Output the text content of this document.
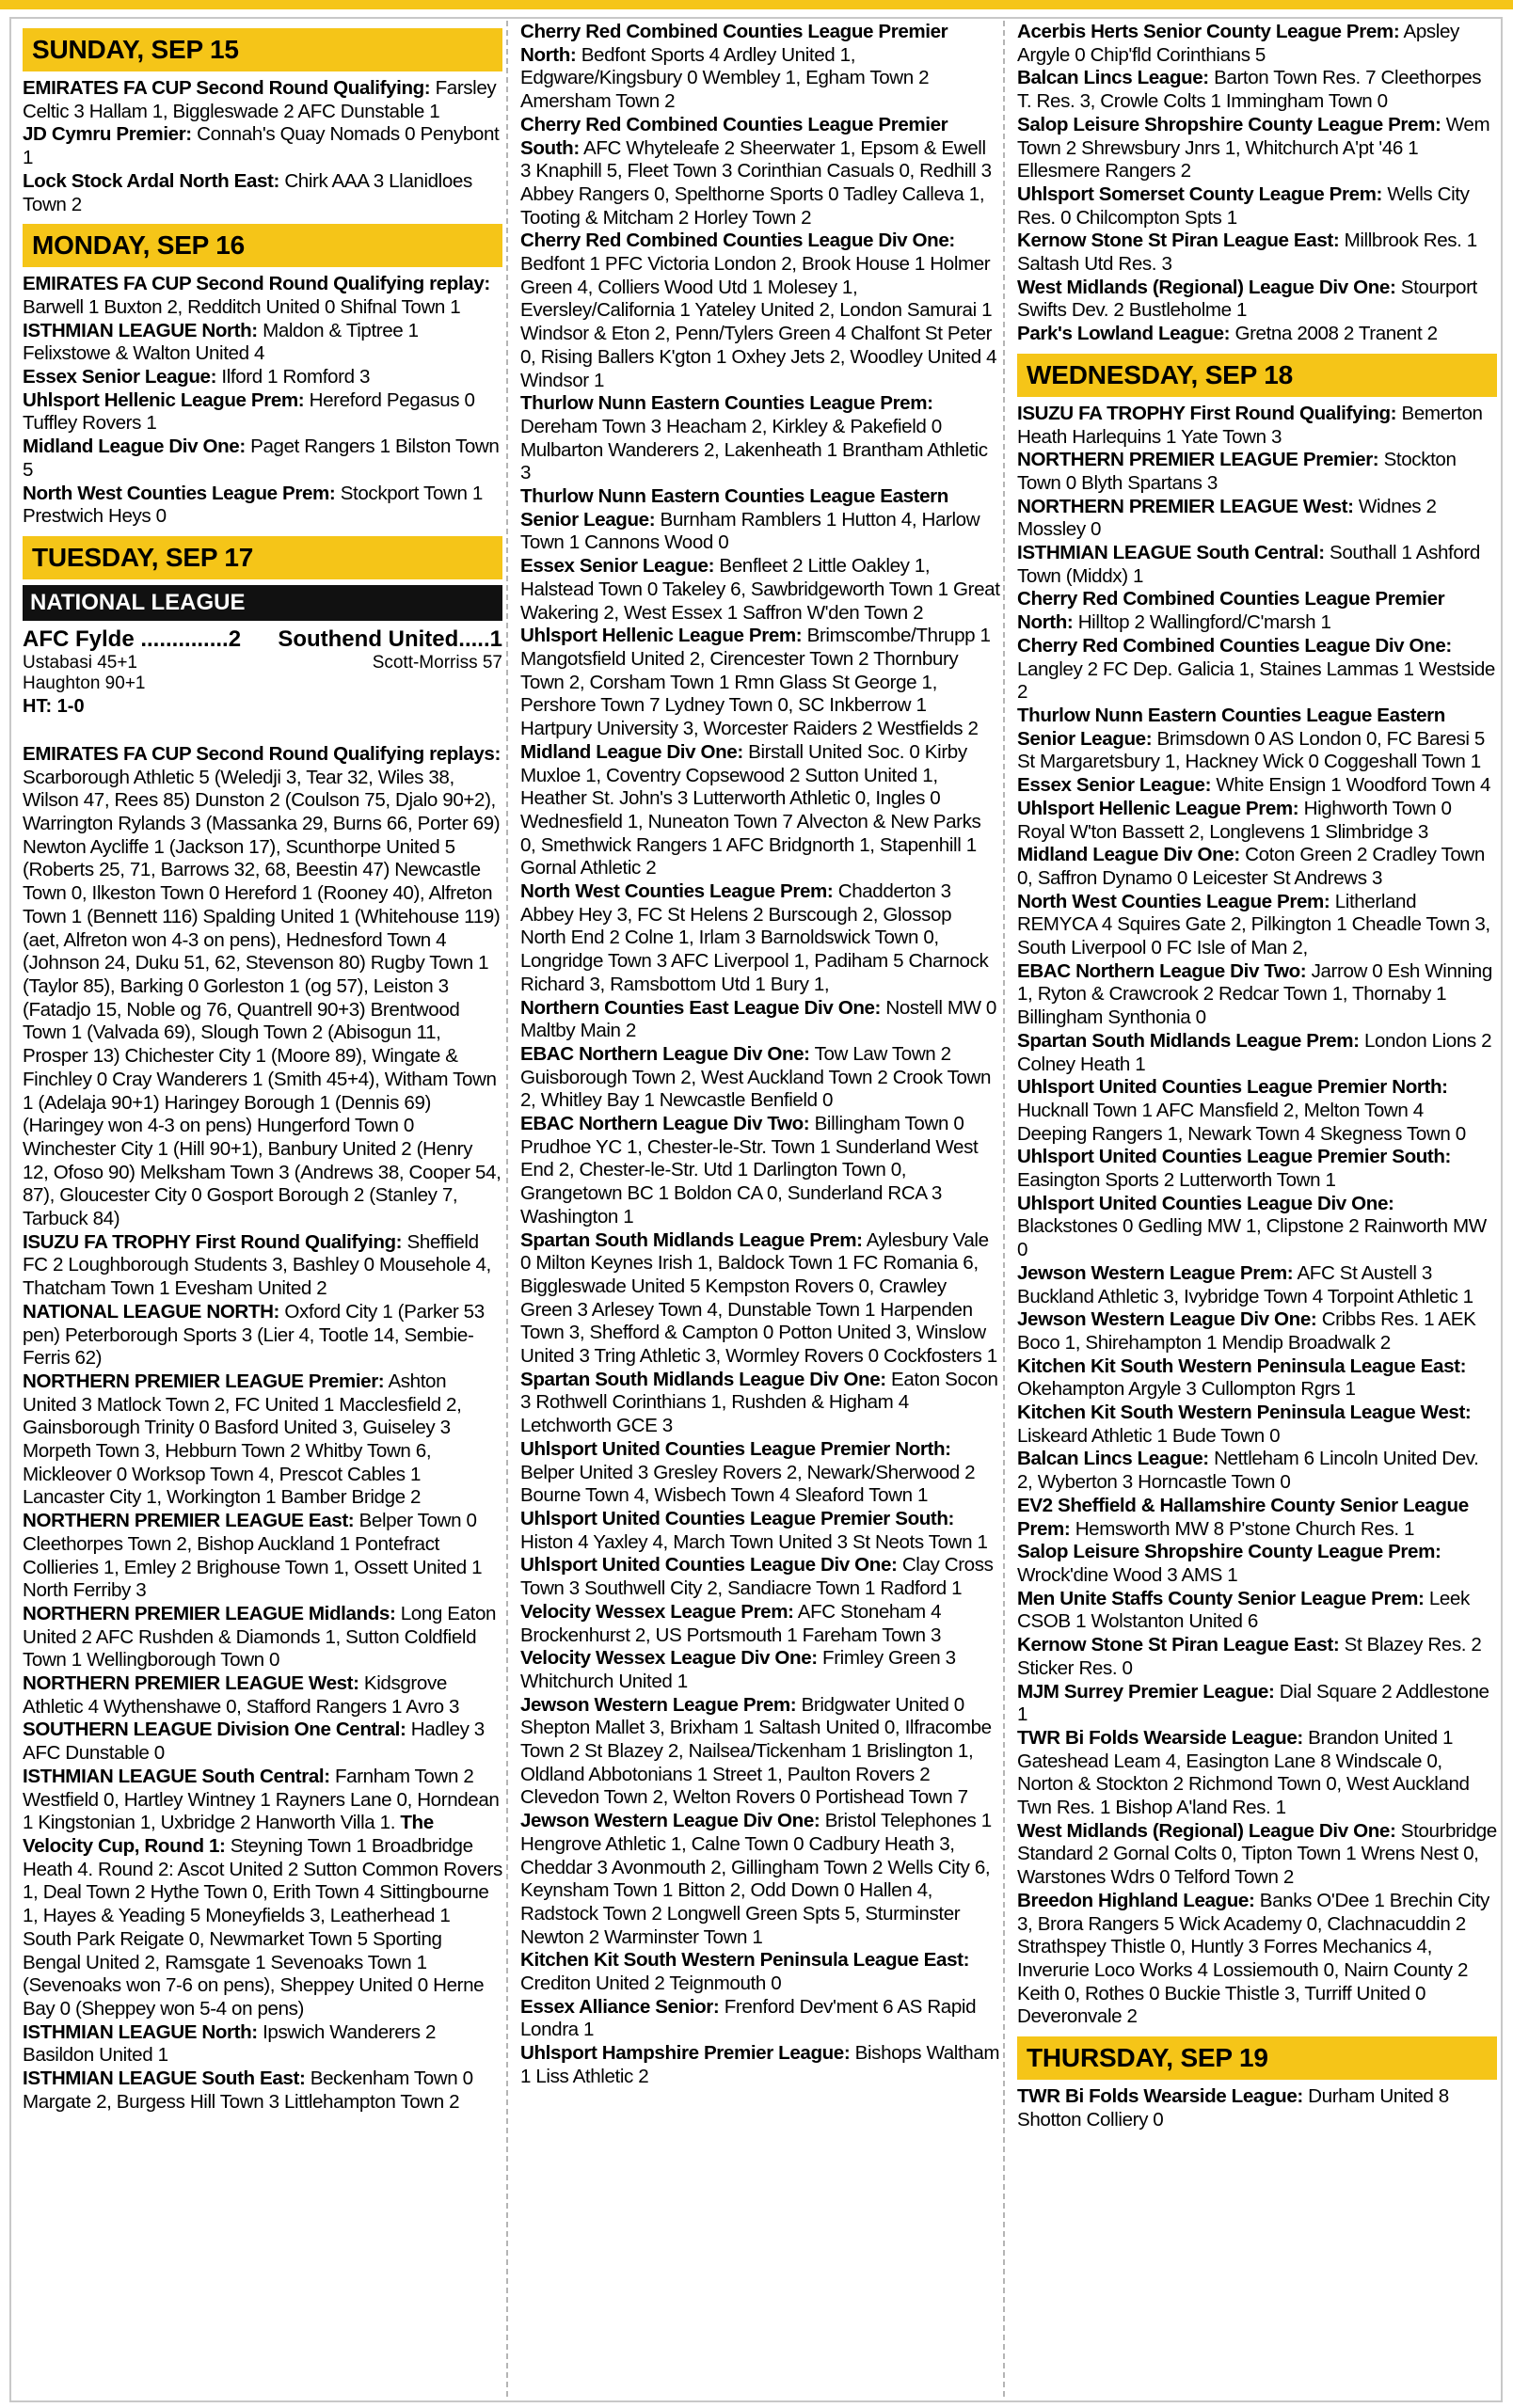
SUNDAY, SEP 15

EMIRATES FA CUP Second Round Qualifying: Farsley Celtic 3 Hallam 1, Biggleswade 2 AFC Dunstable 1

JD Cymru Premier: Connah's Quay Nomads 0 Penybont 1

Lock Stock Ardal North East: Chirk AAA 3 Llanidloes Town 2

MONDAY, SEP 16

EMIRATES FA CUP Second Round Qualifying replay: Barwell 1 Buxton 2, Redditch United 0 Shifnal Town 1

ISTHMIAN LEAGUE North: Maldon & Tiptree 1 Felixstowe & Walton United 4

Essex Senior League: Ilford 1 Romford 3

Uhlsport Hellenic League Prem: Hereford Pegasus 0 Tuffley Rovers 1

Midland League Div One: Paget Rangers 1 Bilston Town 5

North West Counties League Prem: Stockport Town 1 Prestwich Heys 0

TUESDAY, SEP 17
NATIONAL LEAGUE
AFC Fylde ..............2 Southend United.....1
Ustabasi 45+1	Scott-Morriss 57
Haughton 90+1
HT: 1-0

EMIRATES FA CUP Second Round Qualifying replays: Scarborough Athletic 5 (Weledji 3, Tear 32, Wiles 38, Wilson 47, Rees 85) Dunston 2 (Coulson 75, Djalo 90+2), Warrington Rylands 3 (Massanka 29, Burns 66, Porter 69) Newton Aycliffe 1 (Jackson 17), Scunthorpe United 5 (Roberts 25, 71, Barrows 32, 68, Beestin 47) Newcastle Town 0, Ilkeston Town 0 Hereford 1 (Rooney 40), Alfreton Town 1 (Bennett 116) Spalding United 1 (Whitehouse 119) (aet, Alfreton won 4-3 on pens), Hednesford Town 4 (Johnson 24, Duku 51, 62, Stevenson 80) Rugby Town 1 (Taylor 85), Barking 0 Gorleston 1 (og 57), Leiston 3 (Fatadjo 15, Noble og 76, Quantrell 90+3) Brentwood Town 1 (Valvada 69), Slough Town 2 (Abisogun 11, Prosper 13) Chichester City 1 (Moore 89), Wingate & Finchley 0 Cray Wanderers 1 (Smith 45+4), Witham Town 1 (Adelaja 90+1) Haringey Borough 1 (Dennis 69) (Haringey won 4-3 on pens) Hungerford Town 0 Winchester City 1 (Hill 90+1), Banbury United 2 (Henry 12, Ofoso 90) Melksham Town 3 (Andrews 38, Cooper 54, 87), Gloucester City 0 Gosport Borough 2 (Stanley 7, Tarbuck 84)

ISUZU FA TROPHY First Round Qualifying: Sheffield FC 2 Loughborough Students 3, Bashley 0 Mousehole 4, Thatcham Town 1 Evesham United 2

NATIONAL LEAGUE NORTH: Oxford City 1 (Parker 53 pen) Peterborough Sports 3 (Lier 4, Tootle 14, Sembie-Ferris 62)

NORTHERN PREMIER LEAGUE Premier: Ashton United 3 Matlock Town 2, FC United 1 Macclesfield 2, Gainsborough Trinity 0 Basford United 3, Guiseley 3 Morpeth Town 3, Hebburn Town 2 Whitby Town 6, Mickleover 0 Worksop Town 4, Prescot Cables 1 Lancaster City 1, Workington 1 Bamber Bridge 2

NORTHERN PREMIER LEAGUE East: Belper Town 0 Cleethorpes Town 2, Bishop Auckland 1 Pontefract Collieries 1, Emley 2 Brighouse Town 1, Ossett United 1 North Ferriby 3

NORTHERN PREMIER LEAGUE Midlands: Long Eaton United 2 AFC Rushden & Diamonds 1, Sutton Coldfield Town 1 Wellingborough Town 0

NORTHERN PREMIER LEAGUE West: Kidsgrove Athletic 4 Wythenshawe 0, Stafford Rangers 1 Avro 3

SOUTHERN LEAGUE Division One Central: Hadley 3 AFC Dunstable 0

ISTHMIAN LEAGUE South Central: Farnham Town 2 Westfield 0, Hartley Wintney 1 Rayners Lane 0, Horndean 1 Kingstonian 1, Uxbridge 2 Hanworth Villa 1. The Velocity Cup, Round 1: Steyning Town 1 Broadbridge Heath 4. Round 2: Ascot United 2 Sutton Common Rovers 1, Deal Town 2 Hythe Town 0, Erith Town 4 Sittingbourne 1, Hayes & Yeading 5 Moneyfields 3, Leatherhead 1 South Park Reigate 0, Newmarket Town 5 Sporting Bengal United 2, Ramsgate 1 Sevenoaks Town 1 (Sevenoaks won 7-6 on pens), Sheppey United 0 Herne Bay 0 (Sheppey won 5-4 on pens)

ISTHMIAN LEAGUE North: Ipswich Wanderers 2 Basildon United 1

ISTHMIAN LEAGUE South East: Beckenham Town 0 Margate 2, Burgess Hill Town 3 Littlehampton Town 2

Cherry Red Combined Counties League Premier North: Bedfont Sports 4 Ardley United 1, Edgware/Kingsbury 0 Wembley 1, Egham Town 2 Amersham Town 2

Cherry Red Combined Counties League Premier South: AFC Whyteleafe 2 Sheerwater 1, Epsom & Ewell 3 Knaphill 5, Fleet Town 3 Corinthian Casuals 0, Redhill 3 Abbey Rangers 0, Spelthorne Sports 0 Tadley Calleva 1, Tooting & Mitcham 2 Horley Town 2

Cherry Red Combined Counties League Div One: Bedfont 1 PFC Victoria London 2, Brook House 1 Holmer Green 4, Colliers Wood Utd 1 Molesey 1, Eversley/California 1 Yateley United 2, London Samurai 1 Windsor & Eton 2, Penn/Tylers Green 4 Chalfont St Peter 0, Rising Ballers K'gton 1 Oxhey Jets 2, Woodley United 4 Windsor 1

Thurlow Nunn Eastern Counties League Prem: Dereham Town 3 Heacham 2, Kirkley & Pakefield 0 Mulbarton Wanderers 2, Lakenheath 1 Brantham Athletic 3

Thurlow Nunn Eastern Counties League Eastern Senior League: Burnham Ramblers 1 Hutton 4, Harlow Town 1 Cannons Wood 0

Essex Senior League: Benfleet 2 Little Oakley 1, Halstead Town 0 Takeley 6, Sawbridgeworth Town 1 Great Wakering 2, West Essex 1 Saffron W'den Town 2

Uhlsport Hellenic League Prem: Brimscombe/Thrupp 1 Mangotsfield United 2, Cirencester Town 2 Thornbury Town 2, Corsham Town 1 Rmn Glass St George 1, Pershore Town 7 Lydney Town 0, SC Inkberrow 1 Hartpury University 3, Worcester Raiders 2 Westfields 2

Midland League Div One: Birstall United Soc. 0 Kirby Muxloe 1, Coventry Copsewood 2 Sutton United 1, Heather St. John's 3 Lutterworth Athletic 0, Ingles 0 Wednesfield 1, Nuneaton Town 7 Alvecton & New Parks 0, Smethwick Rangers 1 AFC Bridgnorth 1, Stapenhill 1 Gornal Athletic 2

North West Counties League Prem: Chadderton 3 Abbey Hey 3, FC St Helens 2 Burscough 2, Glossop North End 2 Colne 1, Irlam 3 Barnoldswick Town 0, Longridge Town 3 AFC Liverpool 1, Padiham 5 Charnock Richard 3, Ramsbottom Utd 1 Bury 1,

Northern Counties East League Div One: Nostell MW 0 Maltby Main 2

EBAC Northern League Div One: Tow Law Town 2 Guisborough Town 2, West Auckland Town 2 Crook Town 2, Whitley Bay 1 Newcastle Benfield 0

EBAC Northern League Div Two: Billingham Town 0 Prudhoe YC 1, Chester-le-Str. Town 1 Sunderland West End 2, Chester-le-Str. Utd 1 Darlington Town 0, Grangetown BC 1 Boldon CA 0, Sunderland RCA 3 Washington 1

Spartan South Midlands League Prem: Aylesbury Vale 0 Milton Keynes Irish 1, Baldock Town 1 FC Romania 6, Biggleswade United 5 Kempston Rovers 0, Crawley Green 3 Arlesey Town 4, Dunstable Town 1 Harpenden Town 3, Shefford & Campton 0 Potton United 3, Winslow United 3 Tring Athletic 3, Wormley Rovers 0 Cockfosters 1

Spartan South Midlands League Div One: Eaton Socon 3 Rothwell Corinthians 1, Rushden & Higham 4 Letchworth GCE 3

Uhlsport United Counties League Premier North: Belper United 3 Gresley Rovers 2, Newark/Sherwood 2 Bourne Town 4, Wisbech Town 4 Sleaford Town 1

Uhlsport United Counties League Premier South: Histon 4 Yaxley 4, March Town United 3 St Neots Town 1

Uhlsport United Counties League Div One: Clay Cross Town 3 Southwell City 2, Sandiacre Town 1 Radford 1

Velocity Wessex League Prem: AFC Stoneham 4 Brockenhurst 2, US Portsmouth 1 Fareham Town 3

Velocity Wessex League Div One: Frimley Green 3 Whitchurch United 1

Jewson Western League Prem: Bridgwater United 0 Shepton Mallet 3, Brixham 1 Saltash United 0, Ilfracombe Town 2 St Blazey 2, Nailsea/Tickenham 1 Brislington 1, Oldland Abbotonians 1 Street 1, Paulton Rovers 2 Clevedon Town 2, Welton Rovers 0 Portishead Town 7

Jewson Western League Div One: Bristol Telephones 1 Hengrove Athletic 1, Calne Town 0 Cadbury Heath 3, Cheddar 3 Avonmouth 2, Gillingham Town 2 Wells City 6, Keynsham Town 1 Bitton 2, Odd Down 0 Hallen 4, Radstock Town 2 Longwell Green Spts 5, Sturminster Newton 2 Warminster Town 1

Kitchen Kit South Western Peninsula League East: Crediton United 2 Teignmouth 0

Essex Alliance Senior: Frenford Dev'ment 6 AS Rapid Londra 1

Uhlsport Hampshire Premier League: Bishops Waltham 1 Liss Athletic 2

Acerbis Herts Senior County League Prem: Apsley Argyle 0 Chip'fld Corinthians 5

Balcan Lincs League: Barton Town Res. 7 Cleethorpes T. Res. 3, Crowle Colts 1 Immingham Town 0

Salop Leisure Shropshire County League Prem: Wem Town 2 Shrewsbury Jnrs 1, Whitchurch A'pt '46 1 Ellesmere Rangers 2

Uhlsport Somerset County League Prem: Wells City Res. 0 Chilcompton Spts 1

Kernow Stone St Piran League East: Millbrook Res. 1 Saltash Utd Res. 3

West Midlands (Regional) League Div One: Stourport Swifts Dev. 2 Bustleholme 1

Park's Lowland League: Gretna 2008 2 Tranent 2

WEDNESDAY, SEP 18

ISUZU FA TROPHY First Round Qualifying: Bemerton Heath Harlequins 1 Yate Town 3

NORTHERN PREMIER LEAGUE Premier: Stockton Town 0 Blyth Spartans 3

NORTHERN PREMIER LEAGUE West: Widnes 2 Mossley 0

ISTHMIAN LEAGUE South Central: Southall 1 Ashford Town (Middx) 1

Cherry Red Combined Counties League Premier North: Hilltop 2 Wallingford/C'marsh 1

Cherry Red Combined Counties League Div One: Langley 2 FC Dep. Galicia 1, Staines Lammas 1 Westside 2

Thurlow Nunn Eastern Counties League Eastern Senior League: Brimsdown 0 AS London 0, FC Baresi 5 St Margaretsbury 1, Hackney Wick 0 Coggeshall Town 1

Essex Senior League: White Ensign 1 Woodford Town 4

Uhlsport Hellenic League Prem: Highworth Town 0 Royal W'ton Bassett 2, Longlevens 1 Slimbridge 3

Midland League Div One: Coton Green 2 Cradley Town 0, Saffron Dynamo 0 Leicester St Andrews 3

North West Counties League Prem: Litherland REMYCA 4 Squires Gate 2, Pilkington 1 Cheadle Town 3, South Liverpool 0 FC Isle of Man 2,

EBAC Northern League Div Two: Jarrow 0 Esh Winning 1, Ryton & Crawcrook 2 Redcar Town 1, Thornaby 1 Billingham Synthonia 0

Spartan South Midlands League Prem: London Lions 2 Colney Heath 1

Uhlsport United Counties League Premier North: Hucknall Town 1 AFC Mansfield 2, Melton Town 4 Deeping Rangers 1, Newark Town 4 Skegness Town 0

Uhlsport United Counties League Premier South: Easington Sports 2 Lutterworth Town 1

Uhlsport United Counties League Div One: Blackstones 0 Gedling MW 1, Clipstone 2 Rainworth MW 0

Jewson Western League Prem: AFC St Austell 3 Buckland Athletic 3, Ivybridge Town 4 Torpoint Athletic 1

Jewson Western League Div One: Cribbs Res. 1 AEK Boco 1, Shirehampton 1 Mendip Broadwalk 2

Kitchen Kit South Western Peninsula League East: Okehampton Argyle 3 Cullompton Rgrs 1

Kitchen Kit South Western Peninsula League West: Liskeard Athletic 1 Bude Town 0

Balcan Lincs League: Nettleham 6 Lincoln United Dev. 2, Wyberton 3 Horncastle Town 0

EV2 Sheffield & Hallamshire County Senior League Prem: Hemsworth MW 8 P'stone Church Res. 1

Salop Leisure Shropshire County League Prem: Wrock'dine Wood 3 AMS 1

Men Unite Staffs County Senior League Prem: Leek CSOB 1 Wolstanton United 6

Kernow Stone St Piran League East: St Blazey Res. 2 Sticker Res. 0

MJM Surrey Premier League: Dial Square 2 Addlestone 1

TWR Bi Folds Wearside League: Brandon United 1 Gateshead Leam 4, Easington Lane 8 Windscale 0, Norton & Stockton 2 Richmond Town 0, West Auckland Twn Res. 1 Bishop A'land Res. 1

West Midlands (Regional) League Div One: Stourbridge Standard 2 Gornal Colts 0, Tipton Town 1 Wrens Nest 0, Warstones Wdrs 0 Telford Town 2

Breedon Highland League: Banks O'Dee 1 Brechin City 3, Brora Rangers 5 Wick Academy 0, Clachnacuddin 2 Strathspey Thistle 0, Huntly 3 Forres Mechanics 4, Inverurie Loco Works 4 Lossiemouth 0, Nairn County 2 Keith 0, Rothes 0 Buckie Thistle 3, Turriff United 0 Deveronvale 2

THURSDAY, SEP 19

TWR Bi Folds Wearside League: Durham United 8 Shotton Colliery 0
